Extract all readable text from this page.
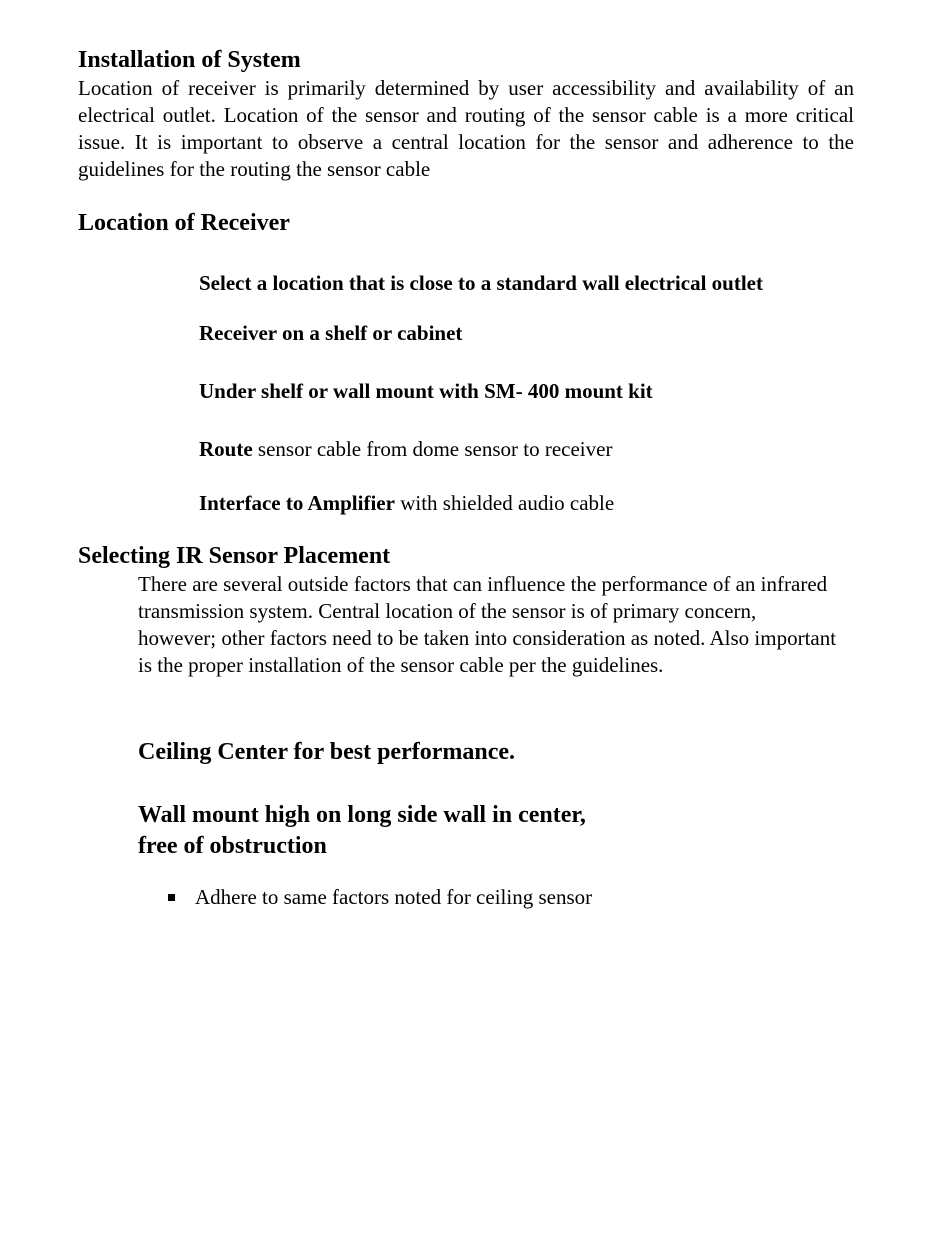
Installation of System

Location of receiver is primarily determined by user accessibility and availability of an electrical outlet. Location of the sensor and routing of the sensor cable is a more critical issue. It is important to observe a central location for the sensor and adherence to the guidelines for the routing the sensor cable

Location of Receiver

Select a location that is close to a standard wall electrical outlet

Receiver on a shelf or cabinet

Under shelf or wall mount with SM- 400 mount kit

Route sensor cable from dome sensor to receiver

Interface to Amplifier with shielded audio cable

Selecting IR Sensor Placement

There are several outside factors that can influence the performance of an infrared transmission system. Central location of the sensor is of primary concern, however; other factors need to be taken into consideration as noted. Also important is the proper installation of the sensor cable per the guidelines.

Ceiling Center for best performance.
Wall mount high on long side wall in center,
free of obstruction

Adhere to same factors noted for ceiling sensor
